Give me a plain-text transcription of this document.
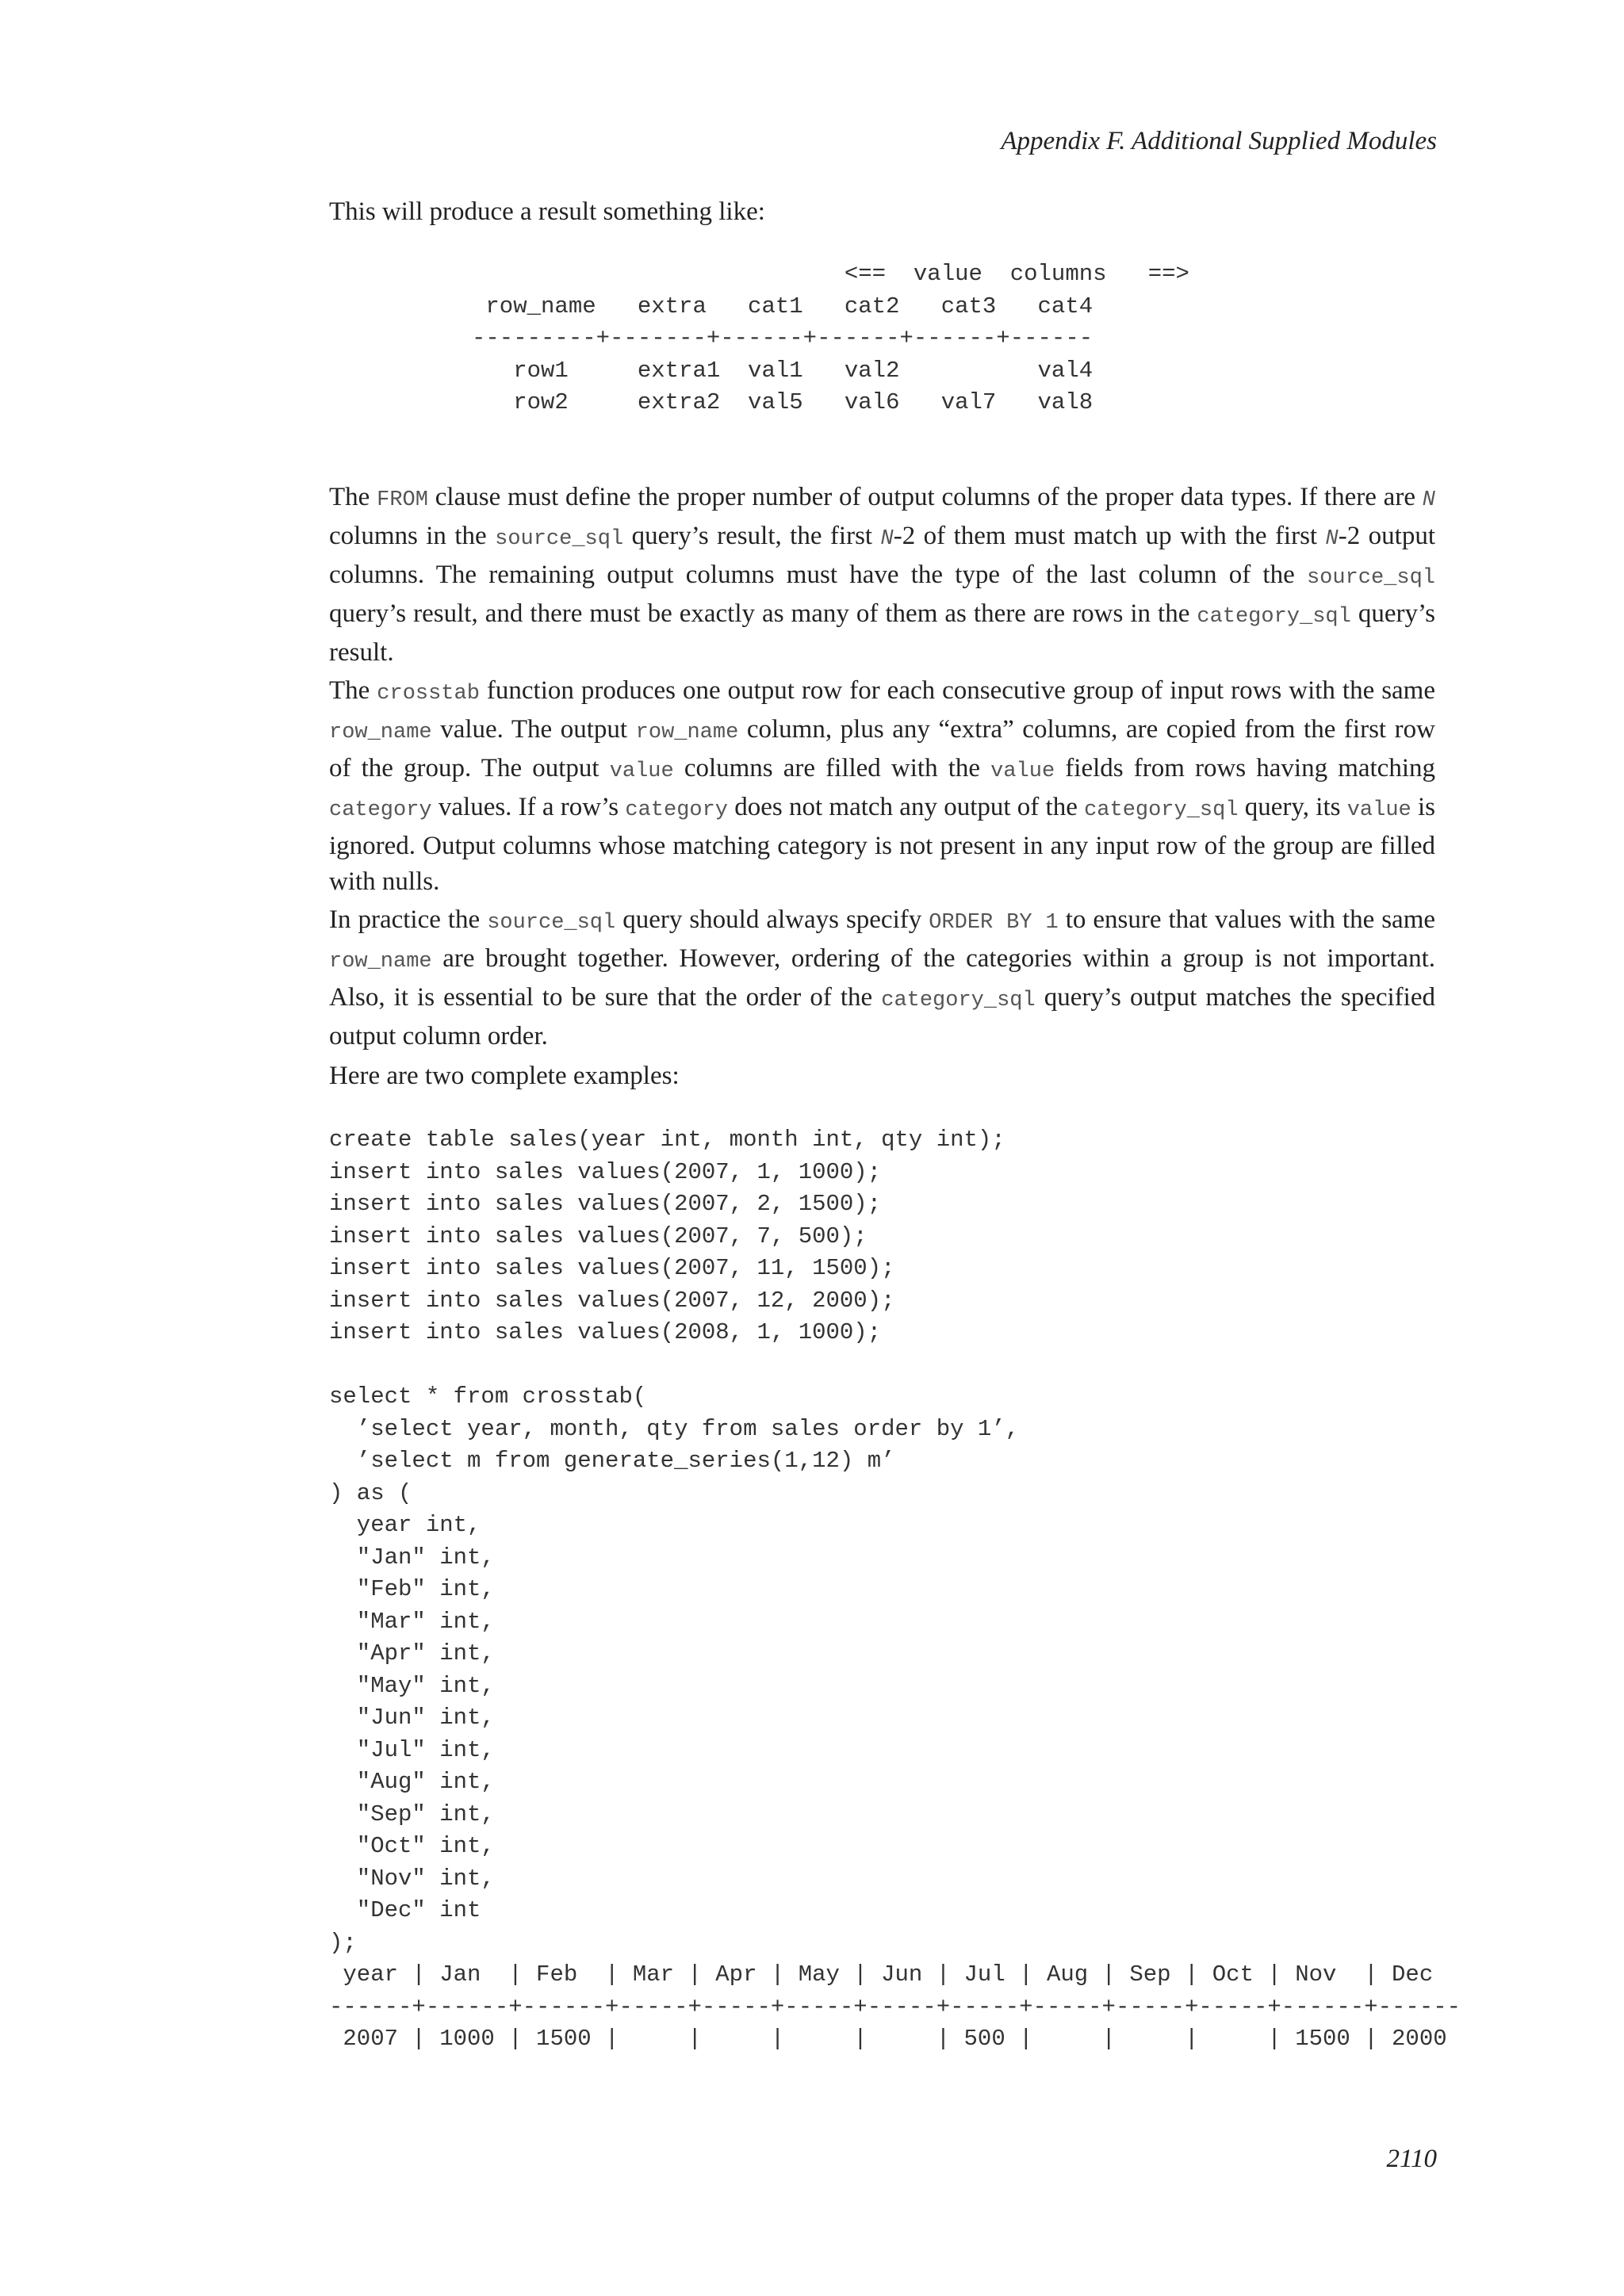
Appendix F. Additional Supplied Modules
This will produce a result something like:
<==  value  columns   ==>
row_name   extra   cat1   cat2   cat3   cat4
---------+-------+------+------+------+------
row1     extra1  val1   val2          val4
row2     extra2  val5   val6   val7   val8
The FROM clause must define the proper number of output columns of the proper data types. If there are N columns in the source_sql query’s result, the first N-2 of them must match up with the first N-2 output columns. The remaining output columns must have the type of the last column of the source_sql query’s result, and there must be exactly as many of them as there are rows in the category_sql query’s result.
The crosstab function produces one output row for each consecutive group of input rows with the same row_name value. The output row_name column, plus any “extra” columns, are copied from the first row of the group. The output value columns are filled with the value fields from rows having matching category values. If a row’s category does not match any output of the category_sql query, its value is ignored. Output columns whose matching category is not present in any input row of the group are filled with nulls.
In practice the source_sql query should always specify ORDER BY 1 to ensure that values with the same row_name are brought together. However, ordering of the categories within a group is not important. Also, it is essential to be sure that the order of the category_sql query’s output matches the specified output column order.
Here are two complete examples:
create table sales(year int, month int, qty int);
insert into sales values(2007, 1, 1000);
insert into sales values(2007, 2, 1500);
insert into sales values(2007, 7, 500);
insert into sales values(2007, 11, 1500);
insert into sales values(2007, 12, 2000);
insert into sales values(2008, 1, 1000);

select * from crosstab(
’select year, month, qty from sales order by 1’,
’select m from generate_series(1,12) m’
) as (
year int,
"Jan" int,
"Feb" int,
"Mar" int,
"Apr" int,
"May" int,
"Jun" int,
"Jul" int,
"Aug" int,
"Sep" int,
"Oct" int,
"Nov" int,
"Dec" int
);
year | Jan  | Feb  | Mar | Apr | May | Jun | Jul | Aug | Sep | Oct | Nov  | Dec
------+------+------+-----+-----+-----+-----+-----+-----+-----+-----+------+------
2007 | 1000 | 1500 |     |     |     |     | 500 |     |     |     | 1500 | 2000
2110
